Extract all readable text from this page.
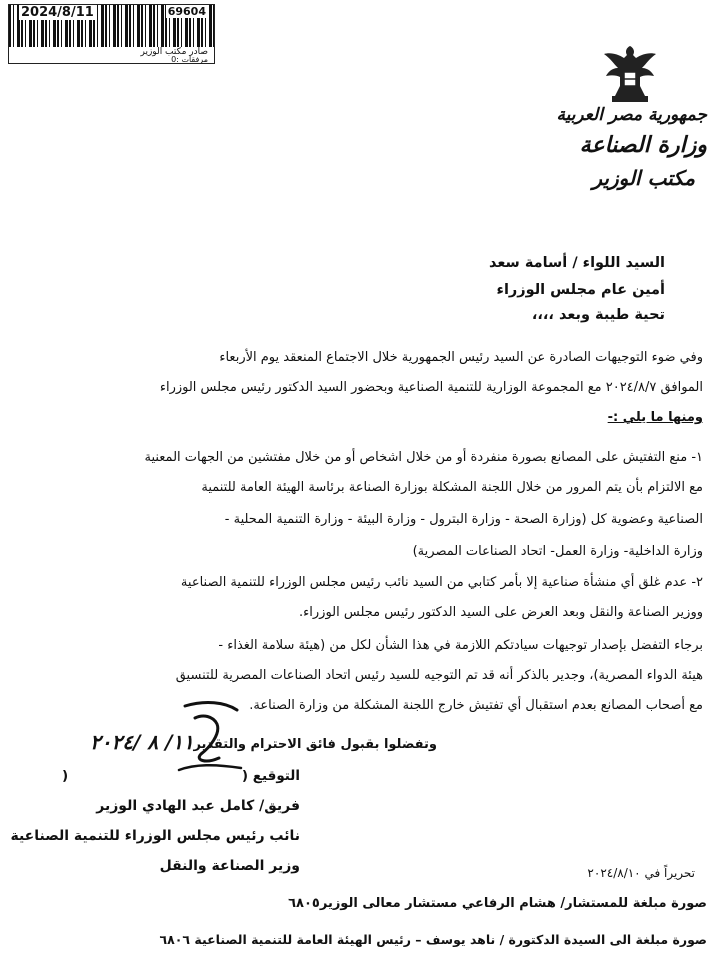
2024/8/11	69604
صادر مكتب الوزير
مرفقات :0
جمهورية مصر العربية
وزارة الصناعة
مكتب الوزير
السيد اللواء / أسامة سعد
أمين عام مجلس الوزراء
تحية طيبة وبعد ،،،،
وفي ضوء التوجيهات الصادرة عن السيد رئيس الجمهورية خلال الاجتماع المنعقد يوم الأربعاء
الموافق ٢٠٢٤/٨/٧ مع المجموعة الوزارية للتنمية الصناعية وبحضور السيد الدكتور رئيس مجلس الوزراء
ومنها ما يلي :-
١- منع التفتيش على المصانع بصورة منفردة أو من خلال اشخاص أو من خلال مفتشين من الجهات المعنية
مع الالتزام بأن يتم المرور من خلال اللجنة المشكلة بوزارة الصناعة برئاسة الهيئة العامة للتنمية
الصناعية وعضوية كل (وزارة الصحة - وزارة البترول - وزارة البيئة - وزارة التنمية المحلية -
وزارة الداخلية- وزارة العمل- اتحاد الصناعات المصرية)
٢- عدم غلق أي منشأة صناعية إلا بأمر كتابي من السيد نائب رئيس مجلس الوزراء للتنمية الصناعية
ووزير الصناعة والنقل وبعد العرض على السيد الدكتور رئيس مجلس الوزراء.
برجاء التفضل بإصدار توجيهات سيادتكم اللازمة في هذا الشأن لكل من (هيئة سلامة الغذاء -
هيئة الدواء المصرية)، وجدير بالذكر أنه قد تم التوجيه للسيد رئيس اتحاد الصناعات المصرية للتنسيق
مع أصحاب المصانع بعدم استقبال أي تفتيش خارج اللجنة المشكلة من وزارة الصناعة.
وتفضلوا بقبول فائق الاحترام والتقدير
١١/ ٨ /٢٠٢٤
التوقيع (
)
فريق/ كامل عبد الهادي الوزير
نائب رئيس مجلس الوزراء للتنمية الصناعية
وزير الصناعة والنقل	تحريراً في ٢٠٢٤/٨/١٠
صورة مبلغة للمستشار/ هشام الرفاعي مستشار معالى الوزير٦٨٠٥
صورة مبلغة الى السيدة الدكتورة / ناهد يوسف – رئيس الهيئة العامة للتنمية الصناعية ٦٨٠٦
